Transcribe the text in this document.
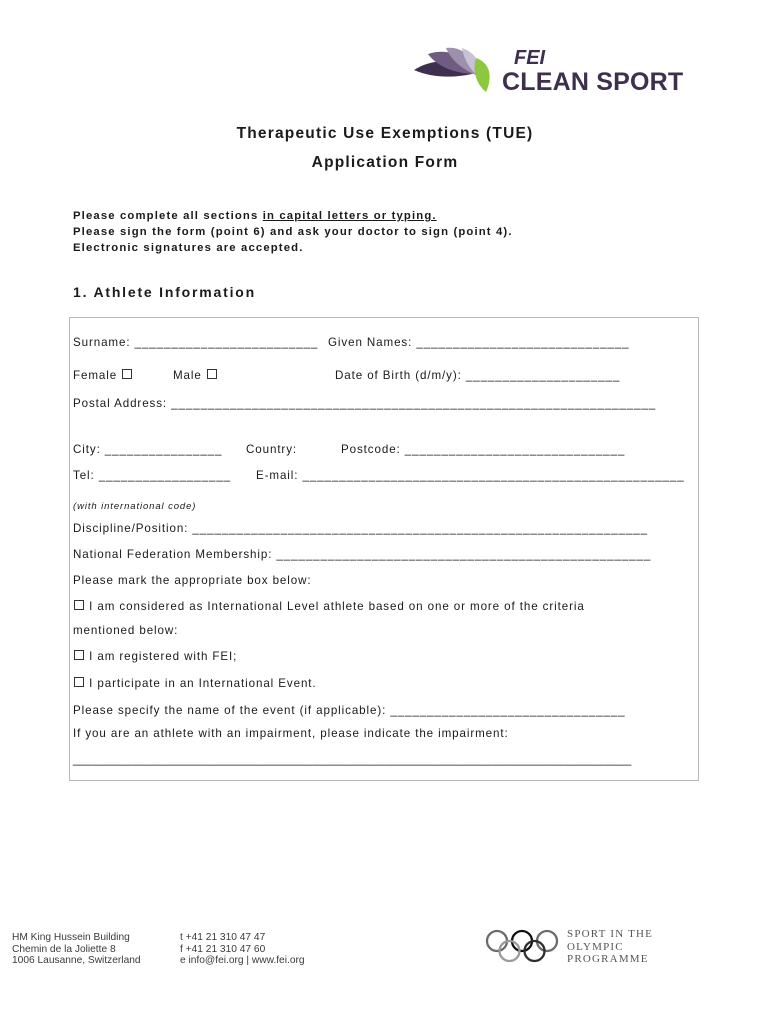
FEI
CLEAN SPORT
Therapeutic Use Exemptions (TUE)
Application Form
Please complete all sections in capital letters or typing.
Please sign the form (point 6) and ask your doctor to sign (point 4).
Electronic signatures are accepted.
1. Athlete Information
Surname: _________________________ Given Names: _____________________________
Female	Male	Date of Birth (d/m/y): _____________________
Postal Address: __________________________________________________________________
City: ________________ Country:	Postcode: ______________________________
Tel: __________________ E-mail: ____________________________________________________
(with international code)
Discipline/Position: ______________________________________________________________
National Federation Membership: ___________________________________________________
Please mark the appropriate box below:
I am considered as International Level athlete based on one or more of the criteria
mentioned below:
I am registered with FEI;
I participate in an International Event.
Please specify the name of the event (if applicable): ________________________________
If you are an athlete with an impairment, please indicate the impairment:
____________________________________________________________________________________
HM King Hussein Building
Chemin de la Joliette 8
1006 Lausanne, Switzerland
t +41 21 310 47 47
f +41 21 310 47 60
e info@fei.org | www.fei.org
SPORT IN THE
OLYMPIC
PROGRAMME
